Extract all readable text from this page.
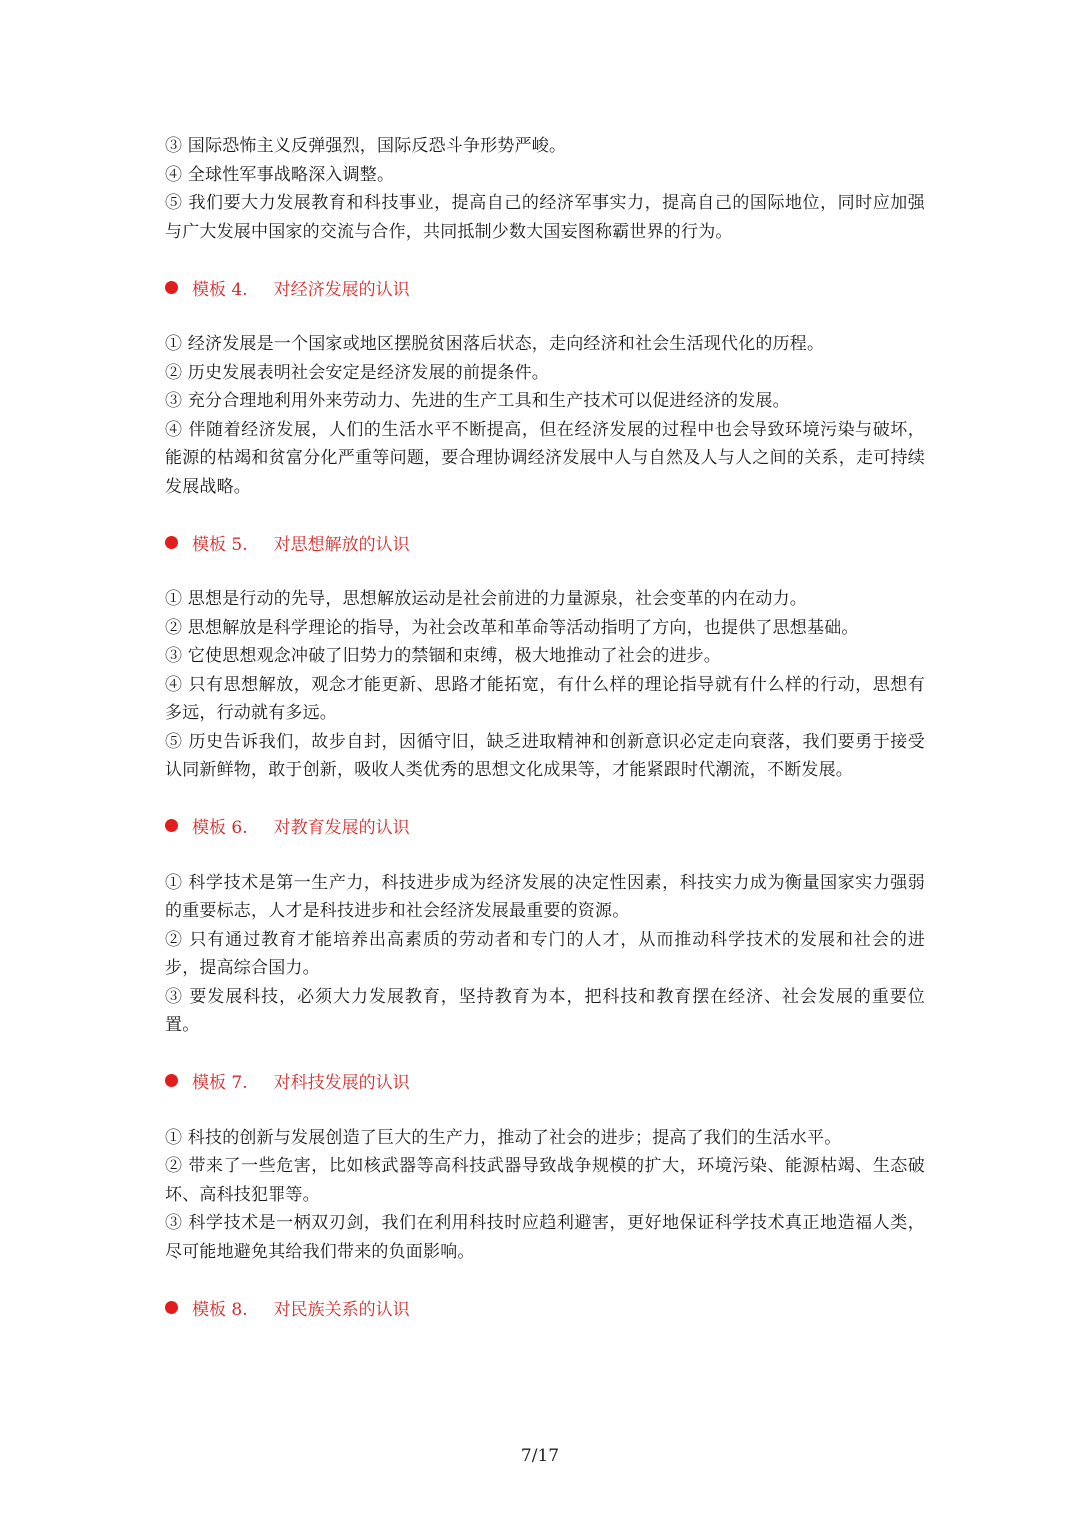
③ 国际恐怖主义反弹强烈，国际反恐斗争形势严峻。

④ 全球性军事战略深入调整。

⑤ 我们要大力发展教育和科技事业，提高自己的经济军事实力，提高自己的国际地位，同时应加强与广大发展中国家的交流与合作，共同抵制少数大国妄图称霸世界的行为。

模板 4. 对经济发展的认识

① 经济发展是一个国家或地区摆脱贫困落后状态，走向经济和社会生活现代化的历程。

② 历史发展表明社会安定是经济发展的前提条件。

③ 充分合理地利用外来劳动力、先进的生产工具和生产技术可以促进经济的发展。

④ 伴随着经济发展，人们的生活水平不断提高，但在经济发展的过程中也会导致环境污染与破坏，能源的枯竭和贫富分化严重等问题，要合理协调经济发展中人与自然及人与人之间的关系，走可持续发展战略。

模板 5. 对思想解放的认识

① 思想是行动的先导，思想解放运动是社会前进的力量源泉，社会变革的内在动力。

② 思想解放是科学理论的指导，为社会改革和革命等活动指明了方向，也提供了思想基础。

③ 它使思想观念冲破了旧势力的禁锢和束缚，极大地推动了社会的进步。

④ 只有思想解放，观念才能更新、思路才能拓宽，有什么样的理论指导就有什么样的行动，思想有多远，行动就有多远。

⑤ 历史告诉我们，故步自封，因循守旧，缺乏进取精神和创新意识必定走向衰落，我们要勇于接受认同新鲜物，敢于创新，吸收人类优秀的思想文化成果等，才能紧跟时代潮流，不断发展。

模板 6. 对教育发展的认识

① 科学技术是第一生产力，科技进步成为经济发展的决定性因素，科技实力成为衡量国家实力强弱的重要标志，人才是科技进步和社会经济发展最重要的资源。

② 只有通过教育才能培养出高素质的劳动者和专门的人才，从而推动科学技术的发展和社会的进步，提高综合国力。

③ 要发展科技，必须大力发展教育，坚持教育为本，把科技和教育摆在经济、社会发展的重要位置。

模板 7. 对科技发展的认识

① 科技的创新与发展创造了巨大的生产力，推动了社会的进步；提高了我们的生活水平。

② 带来了一些危害，比如核武器等高科技武器导致战争规模的扩大，环境污染、能源枯竭、生态破坏、高科技犯罪等。

③ 科学技术是一柄双刃剑，我们在利用科技时应趋利避害，更好地保证科学技术真正地造福人类，尽可能地避免其给我们带来的负面影响。

模板 8. 对民族关系的认识
7/17
